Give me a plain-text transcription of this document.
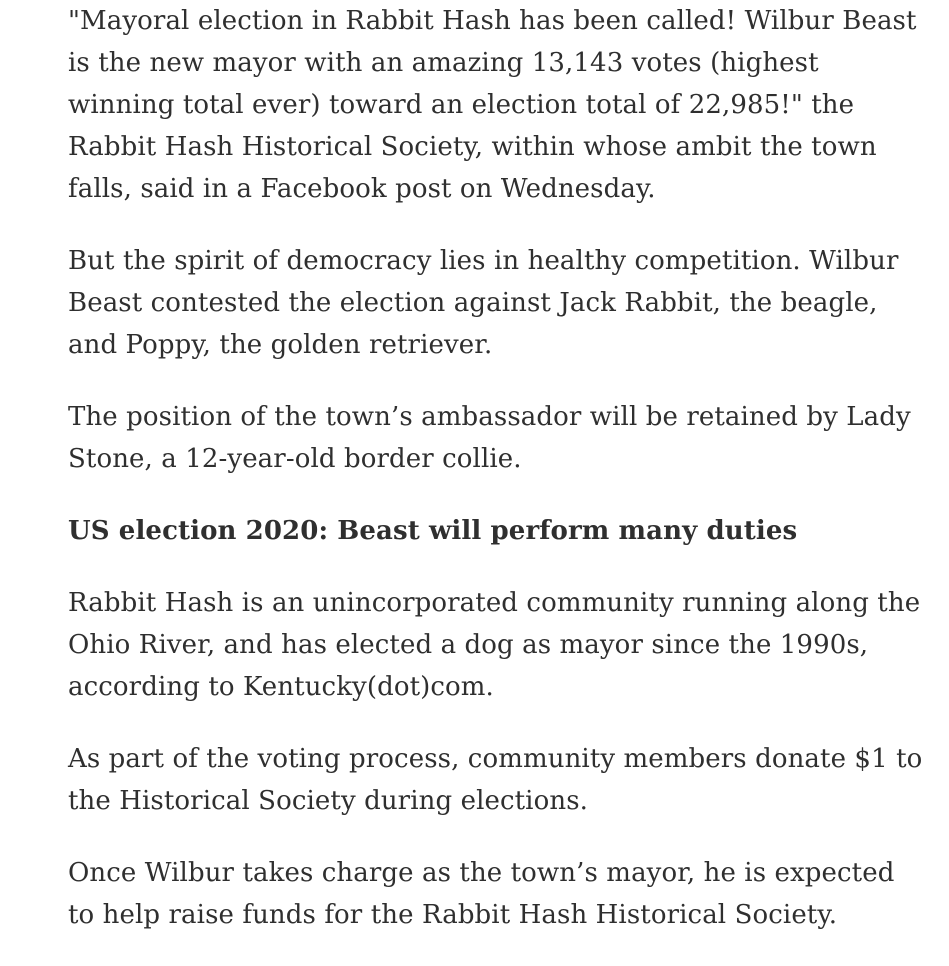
"Mayoral election in Rabbit Hash has been called! Wilbur Beast is the new mayor with an amazing 13,143 votes (highest winning total ever) toward an election total of 22,985!" the Rabbit Hash Historical Society, within whose ambit the town falls, said in a Facebook post on Wednesday.

But the spirit of democracy lies in healthy competition. Wilbur Beast contested the election against Jack Rabbit, the beagle, and Poppy, the golden retriever.

The position of the town’s ambassador will be retained by Lady Stone, a 12-year-old border collie.

US election 2020: Beast will perform many duties

Rabbit Hash is an unincorporated community running along the Ohio River, and has elected a dog as mayor since the 1990s, according to Kentucky(dot)com.

As part of the voting process, community members donate $1 to the Historical Society during elections.

Once Wilbur takes charge as the town’s mayor, he is expected to help raise funds for the Rabbit Hash Historical Society.
